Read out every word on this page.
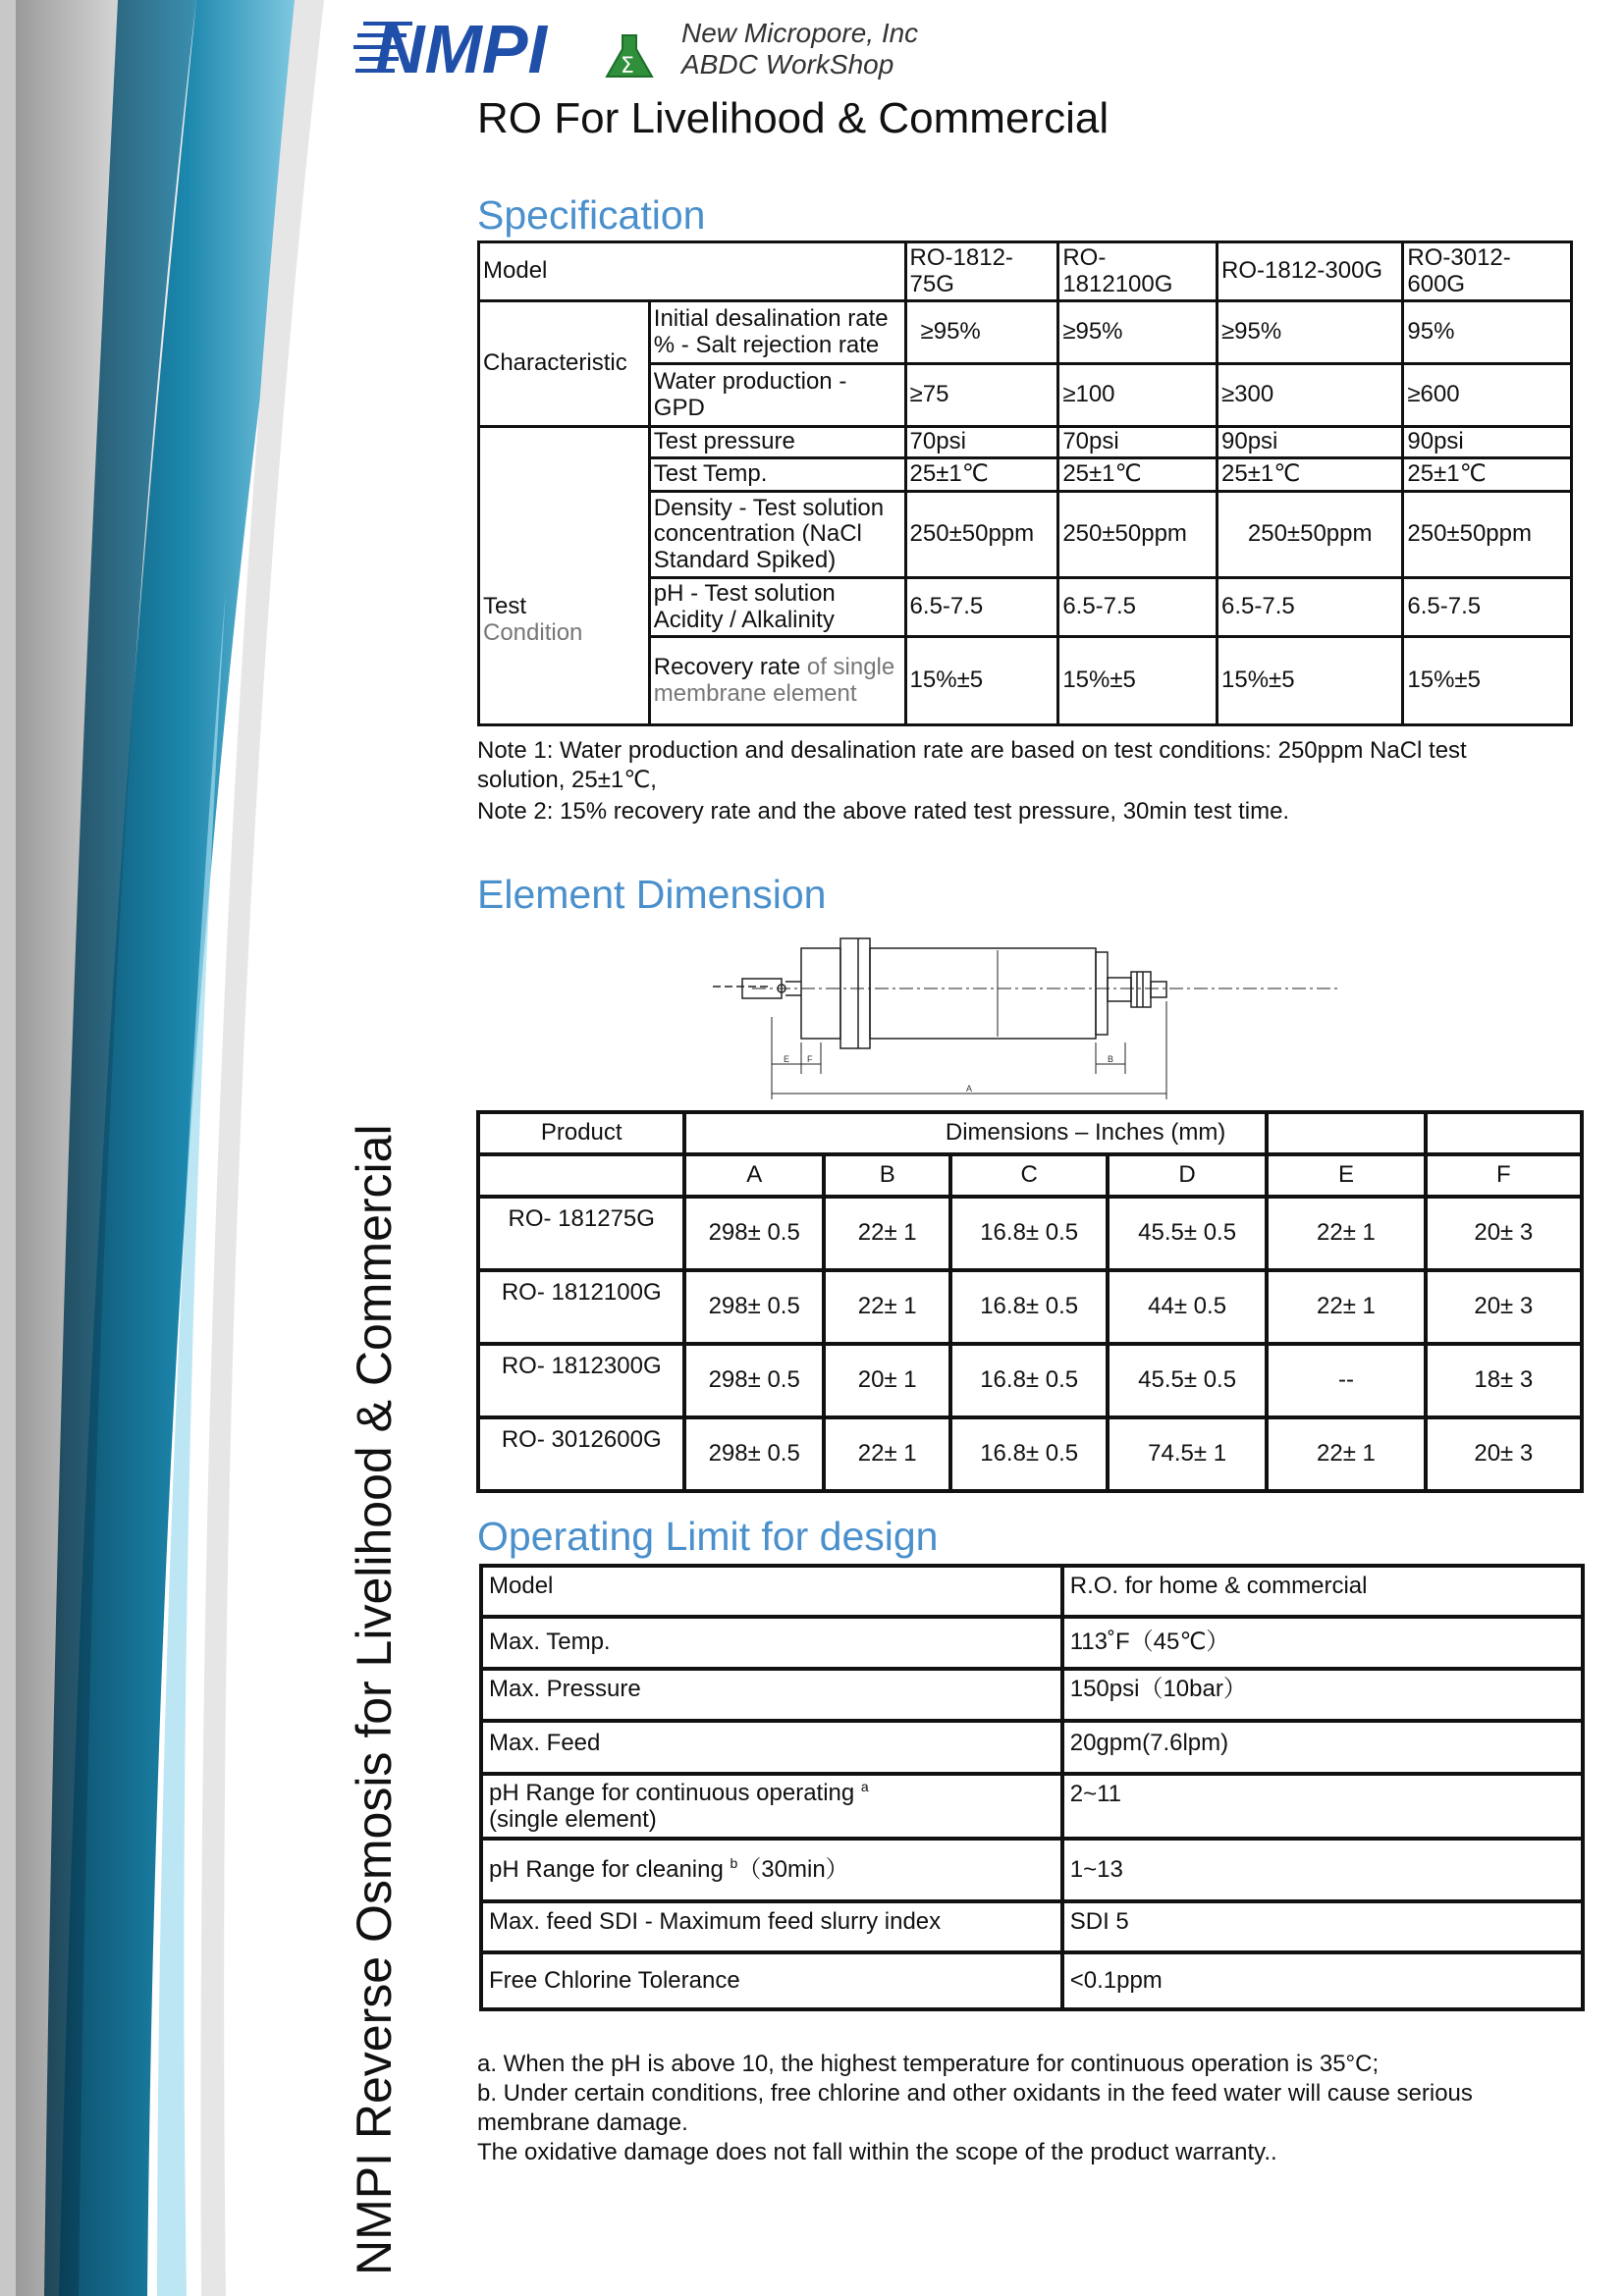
NMPI Reverse Osmosis for Livelihood & Commercial
NMPI	Σ
New Micropore, Inc
ABDC WorkShop
RO For Livelihood & Commercial
Specification
Model		RO-1812-75G	RO-1812100G	RO-1812-300G	RO-3012-600G
Characteristic	Initial desalination rate % - Salt rejection rate	≥95%	≥95%	≥95%	95%
	Water production - GPD	≥75	≥100	≥300	≥600

Test
Condition	Test pressure	70psi	70psi	90psi	90psi
	Test Temp.	25±1℃	25±1℃	25±1℃	25±1℃
	Density - Test solution concentration (NaCl Standard Spiked)	250±50ppm	250±50ppm	250±50ppm	250±50ppm
	pH - Test solution Acidity / Alkalinity	6.5-7.5	6.5-7.5	6.5-7.5	6.5-7.5
	Recovery rate of single membrane element	15%±5	15%±5	15%±5	15%±5
Note 1: Water production and desalination rate are based on test conditions: 250ppm NaCl test
solution, 25±1℃,
Note 2: 15% recovery rate and the above rated test pressure, 30min test time.
Element Dimension
E F	B
A
Product	Dimensions – Inches (mm)					
	A	B	C	D	E	F
RO- 181275G	298± 0.5	22± 1	16.8± 0.5	45.5± 0.5	22± 1	20± 3
RO- 1812100G	298± 0.5	22± 1	16.8± 0.5	44± 0.5	22± 1	20± 3
RO- 1812300G	298± 0.5	20± 1	16.8± 0.5	45.5± 0.5	--	18± 3
RO- 3012600G	298± 0.5	22± 1	16.8± 0.5	74.5± 1	22± 1	20± 3
Operating Limit for design
Model	R.O. for home & commercial
Max. Temp.	113˚F（45℃）
Max. Pressure	150psi（10bar）
Max. Feed	20gpm(7.6lpm)
pH Range for continuous operating $^a$
(single element)	2~11
pH Range for cleaning $^b$（30min）	1~13
Max. feed SDI - Maximum feed slurry index	SDI 5
Free Chlorine Tolerance	<0.1ppm
a. When the pH is above 10, the highest temperature for continuous operation is 35°C;
b. Under certain conditions, free chlorine and other oxidants in the feed water will cause serious
membrane damage.
The oxidative damage does not fall within the scope of the product warranty..
